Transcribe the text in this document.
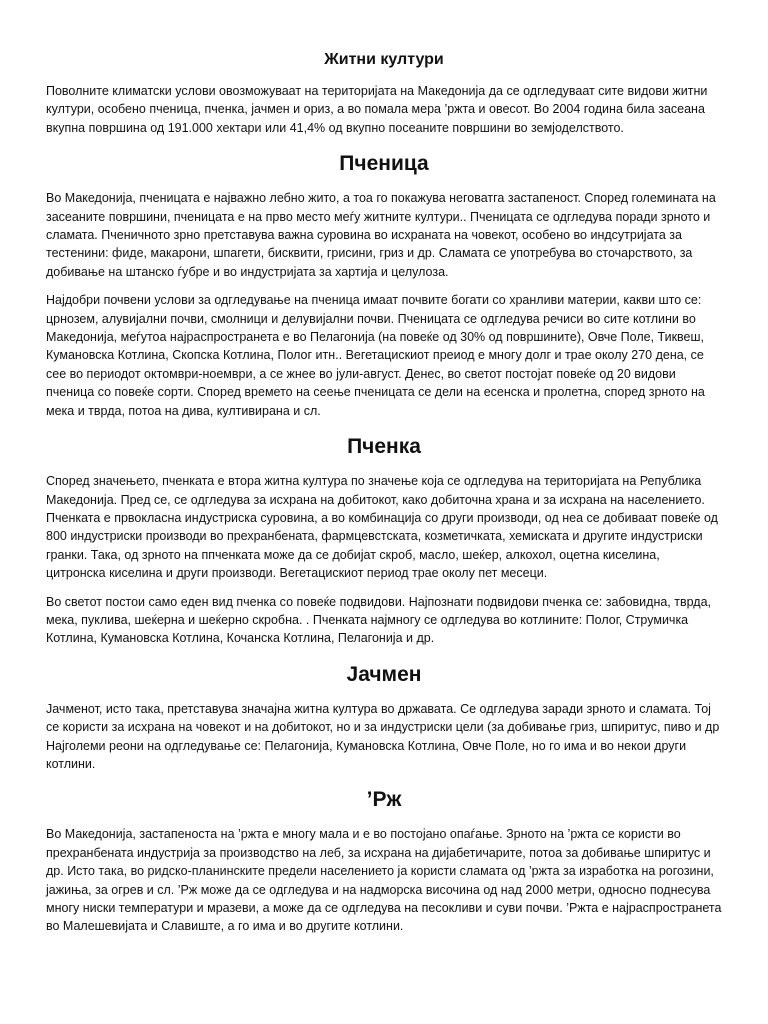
Житни култури

Поволните климатски услови овозможуваат на територијата на Македонија да се одгледуваат сите видови житни култури, особено пченица, пченка, јачмен и ориз, а во помала мера ’ржта и овесот. Во 2004 година била засеана вкупна површина од 191.000 хектари или 41,4% од вкупно посеаните површини во земјоделството.

Пченица

Во Македонија, пченицата е најважно лебно жито, а тоа го покажува неговатга застапеност. Според големината на засеаните површини, пченицата е на прво место меѓу житните култури.. Пченицата се одгледува поради зрното и сламата. Пченичното зрно претставува важна суровина во исхраната на човекот, особено во индсутријата за тестенини: фиде, макарони, шпагети, бисквити, грисини, гриз и др. Сламата се употребува во сточарството, за добивање на штанско ѓубре и во индустријата за хартија и целулоза.

Најдобри почвени услови за одгледување на пченица имаат почвите богати со хранливи материи, какви што се: црнозем, алувијални почви, смолници и делувијални почви. Пченицата се одгледува речиси во сите котлини во Македонија, меѓутоа најраспространета е во Пелагонија (на повеќе од 30% од површините), Овче Поле, Тиквеш, Кумановска Котлина, Скопска Котлина, Полог итн.. Вегетацискиот преиод е многу долг и трае околу 270 дена, се сее во периодот октомври-ноември, а се жнее во јули-август. Денес, во светот постојат повеќе од 20 видови пченица со повеќе сорти. Според времето на сеење пченицата се дели на есенска и пролетна, според зрното на мека и тврда, потоа на дива, култивирана и сл.

Пченка

Според значењето, пченката е втора житна култура по значење која се одгледува на територијата на Република Македонија. Пред се, се одгледува за исхрана на добитокот, како добиточна храна и за исхрана на населението. Пченката е првокласна индустриска суровина, а во комбинација со други производи, од неа се добиваат повеќе од 800 индустриски производи во прехранбената, фармцевстската, козметичката, хемиската и другите индустриски гранки. Така, од зрното на ппченката може да се добијат скроб, масло, шеќер, алкохол, оцетна киселина, цитронска киселина и други производи. Вегетацискиот период трае околу пет месеци.

Во светот постои само еден вид пченка со повеќе подвидови. Најпознати подвидови пченка се: забовидна, тврда, мека, пуклива, шеќерна и шеќерно скробна. . Пченката најмногу се одгледува во котлините: Полог, Струмичка Котлина, Кумановска Котлина, Кочанска Котлина, Пелагонија и др.

Јачмен

Јачменот, исто така, претставува значајна житна култура во државата. Се одгледува заради зрното и сламата. Тој се користи за исхрана на човекот и на добитокот, но и за индустриски цели (за добивање гриз, шпиритус, пиво и др Најголеми реони на одгледување се: Пелагонија, Кумановска Котлина, Овче Поле, но го има и во некои други котлини.

’Рж

Во Македонија, застапеноста на ’ржта е многу мала и е во постојано опаѓање. Зрното на ’ржта се користи во прехранбената индустрија за производство на леб, за исхрана на дијабетичарите, потоа за добивање шпиритус и др. Исто така, во ридско-планинските предели населението ја користи сламата од ’ржта за изработка на рогозини, јажиња, за огрев и сл. ’Рж може да се одгледува и на надморска височина од над 2000 метри, односно поднесува многу ниски температури и мразеви, а може да се одгледува на песокливи и суви почви. ’Ржта е најраспространета во Малешевијата и Славиште, а го има и во другите котлини.
